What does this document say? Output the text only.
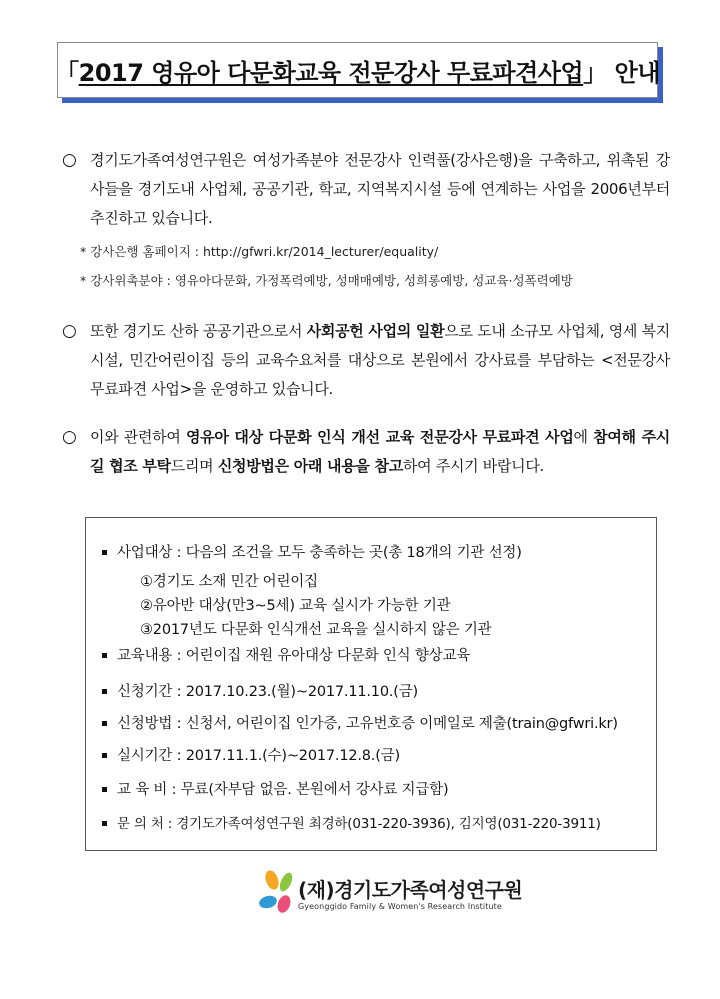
「2017 영유아 다문화교육 전문강사 무료파견사업」 안내
○ 경기도가족여성연구원은 여성가족분야 전문강사 인력풀(강사은행)을 구축하고, 위촉된 강사들을 경기도내 사업체, 공공기관, 학교, 지역복지시설 등에 연계하는 사업을 2006년부터 추진하고 있습니다.
* 강사은행 홈페이지 : http://gfwri.kr/2014_lecturer/equality/
* 강사위촉분야 : 영유아다문화, 가정폭력예방, 성매매예방, 성희롱예방, 성교육·성폭력예방
○ 또한 경기도 산하 공공기관으로서 사회공헌 사업의 일환으로 도내 소규모 사업체, 영세 복지시설, 민간어린이집 등의 교육수요처를 대상으로 본원에서 강사료를 부담하는 <전문강사 무료파견 사업>을 운영하고 있습니다.
○ 이와 관련하여 영유아 대상 다문화 인식 개선 교육 전문강사 무료파견 사업에 참여해 주시길 협조 부탁드리며 신청방법은 아래 내용을 참고하여 주시기 바랍니다.
사업대상 : 다음의 조건을 모두 충족하는 곳(총 18개의 기관 선정)
①경기도 소재 민간 어린이집
②유아반 대상(만3~5세) 교육 실시가 가능한 기관
③2017년도 다문화 인식개선 교육을 실시하지 않은 기관
교육내용 : 어린이집 재원 유아대상 다문화 인식 향상교육
신청기간 : 2017.10.23.(월)~2017.11.10.(금)
신청방법 : 신청서, 어린이집 인가증, 고유번호증 이메일로 제출(train@gfwri.kr)
실시기간 : 2017.11.1.(수)~2017.12.8.(금)
교 육 비 : 무료(자부담 없음. 본원에서 강사료 지급함)
문 의 처 : 경기도가족여성연구원 최경하(031-220-3936), 김지영(031-220-3911)
(재)경기도가족여성연구원
Gyeonggido Family & Women's Research Institute
